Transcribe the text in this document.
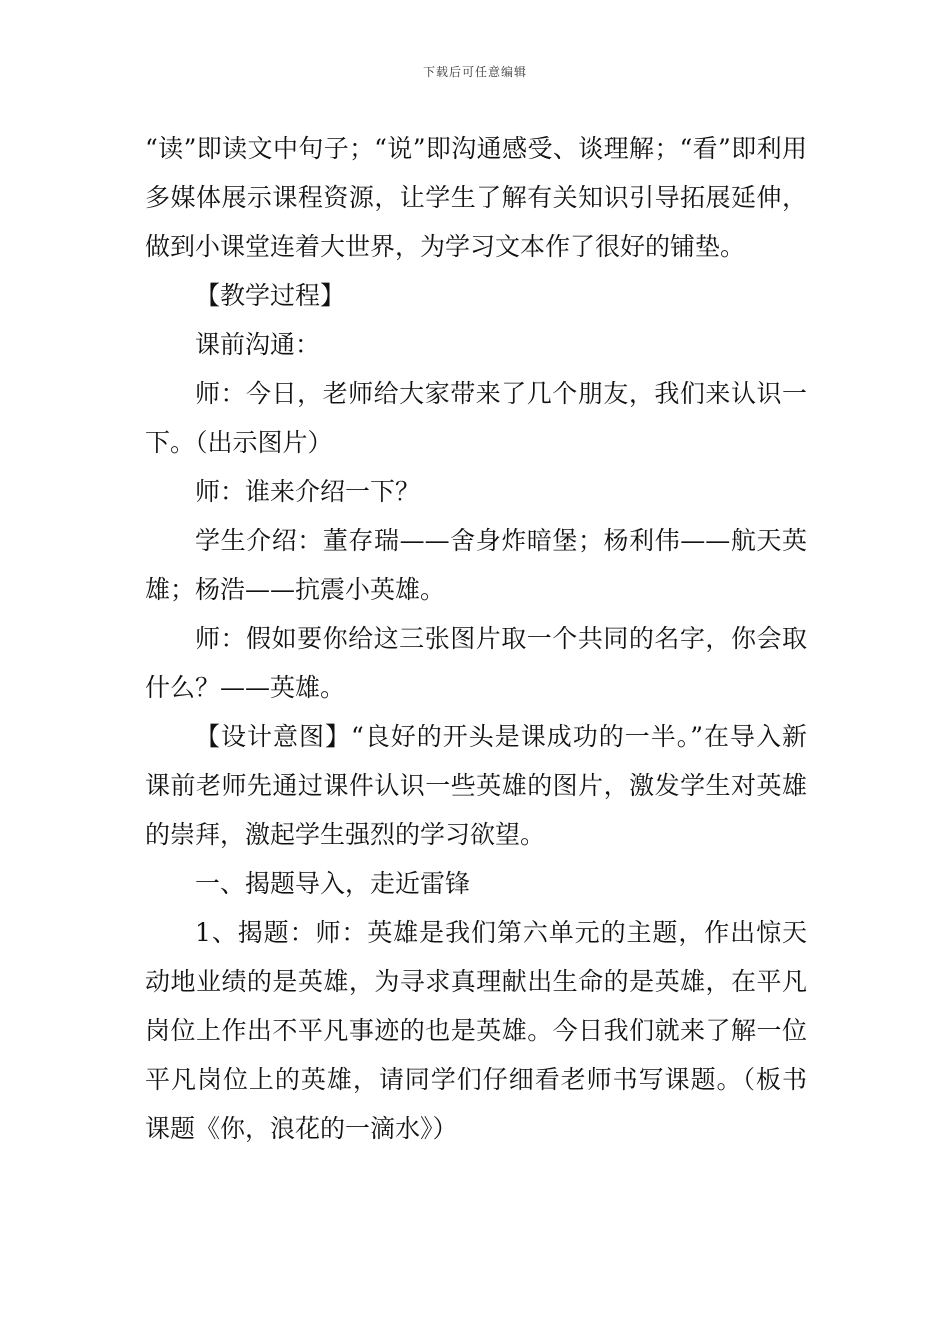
下载后可任意编辑

“读”即读文中句子；“说”即沟通感受、谈理解；“看”即利用多媒体展示课程资源，让学生了解有关知识引导拓展延伸，做到小课堂连着大世界，为学习文本作了很好的铺垫。

【教学过程】

课前沟通：

师：今日，老师给大家带来了几个朋友，我们来认识一下。（出示图片）

师：谁来介绍一下？

学生介绍：董存瑞——舍身炸暗堡；杨利伟——航天英雄；杨浩——抗震小英雄。

师：假如要你给这三张图片取一个共同的名字，你会取什么？——英雄。

【设计意图】“良好的开头是课成功的一半。”在导入新课前老师先通过课件认识一些英雄的图片，激发学生对英雄的崇拜，激起学生强烈的学习欲望。

一、揭题导入，走近雷锋

1、揭题：师：英雄是我们第六单元的主题，作出惊天动地业绩的是英雄，为寻求真理献出生命的是英雄，在平凡岗位上作出不平凡事迹的也是英雄。今日我们就来了解一位平凡岗位上的英雄，请同学们仔细看老师书写课题。（板书课题《你，浪花的一滴水》）
